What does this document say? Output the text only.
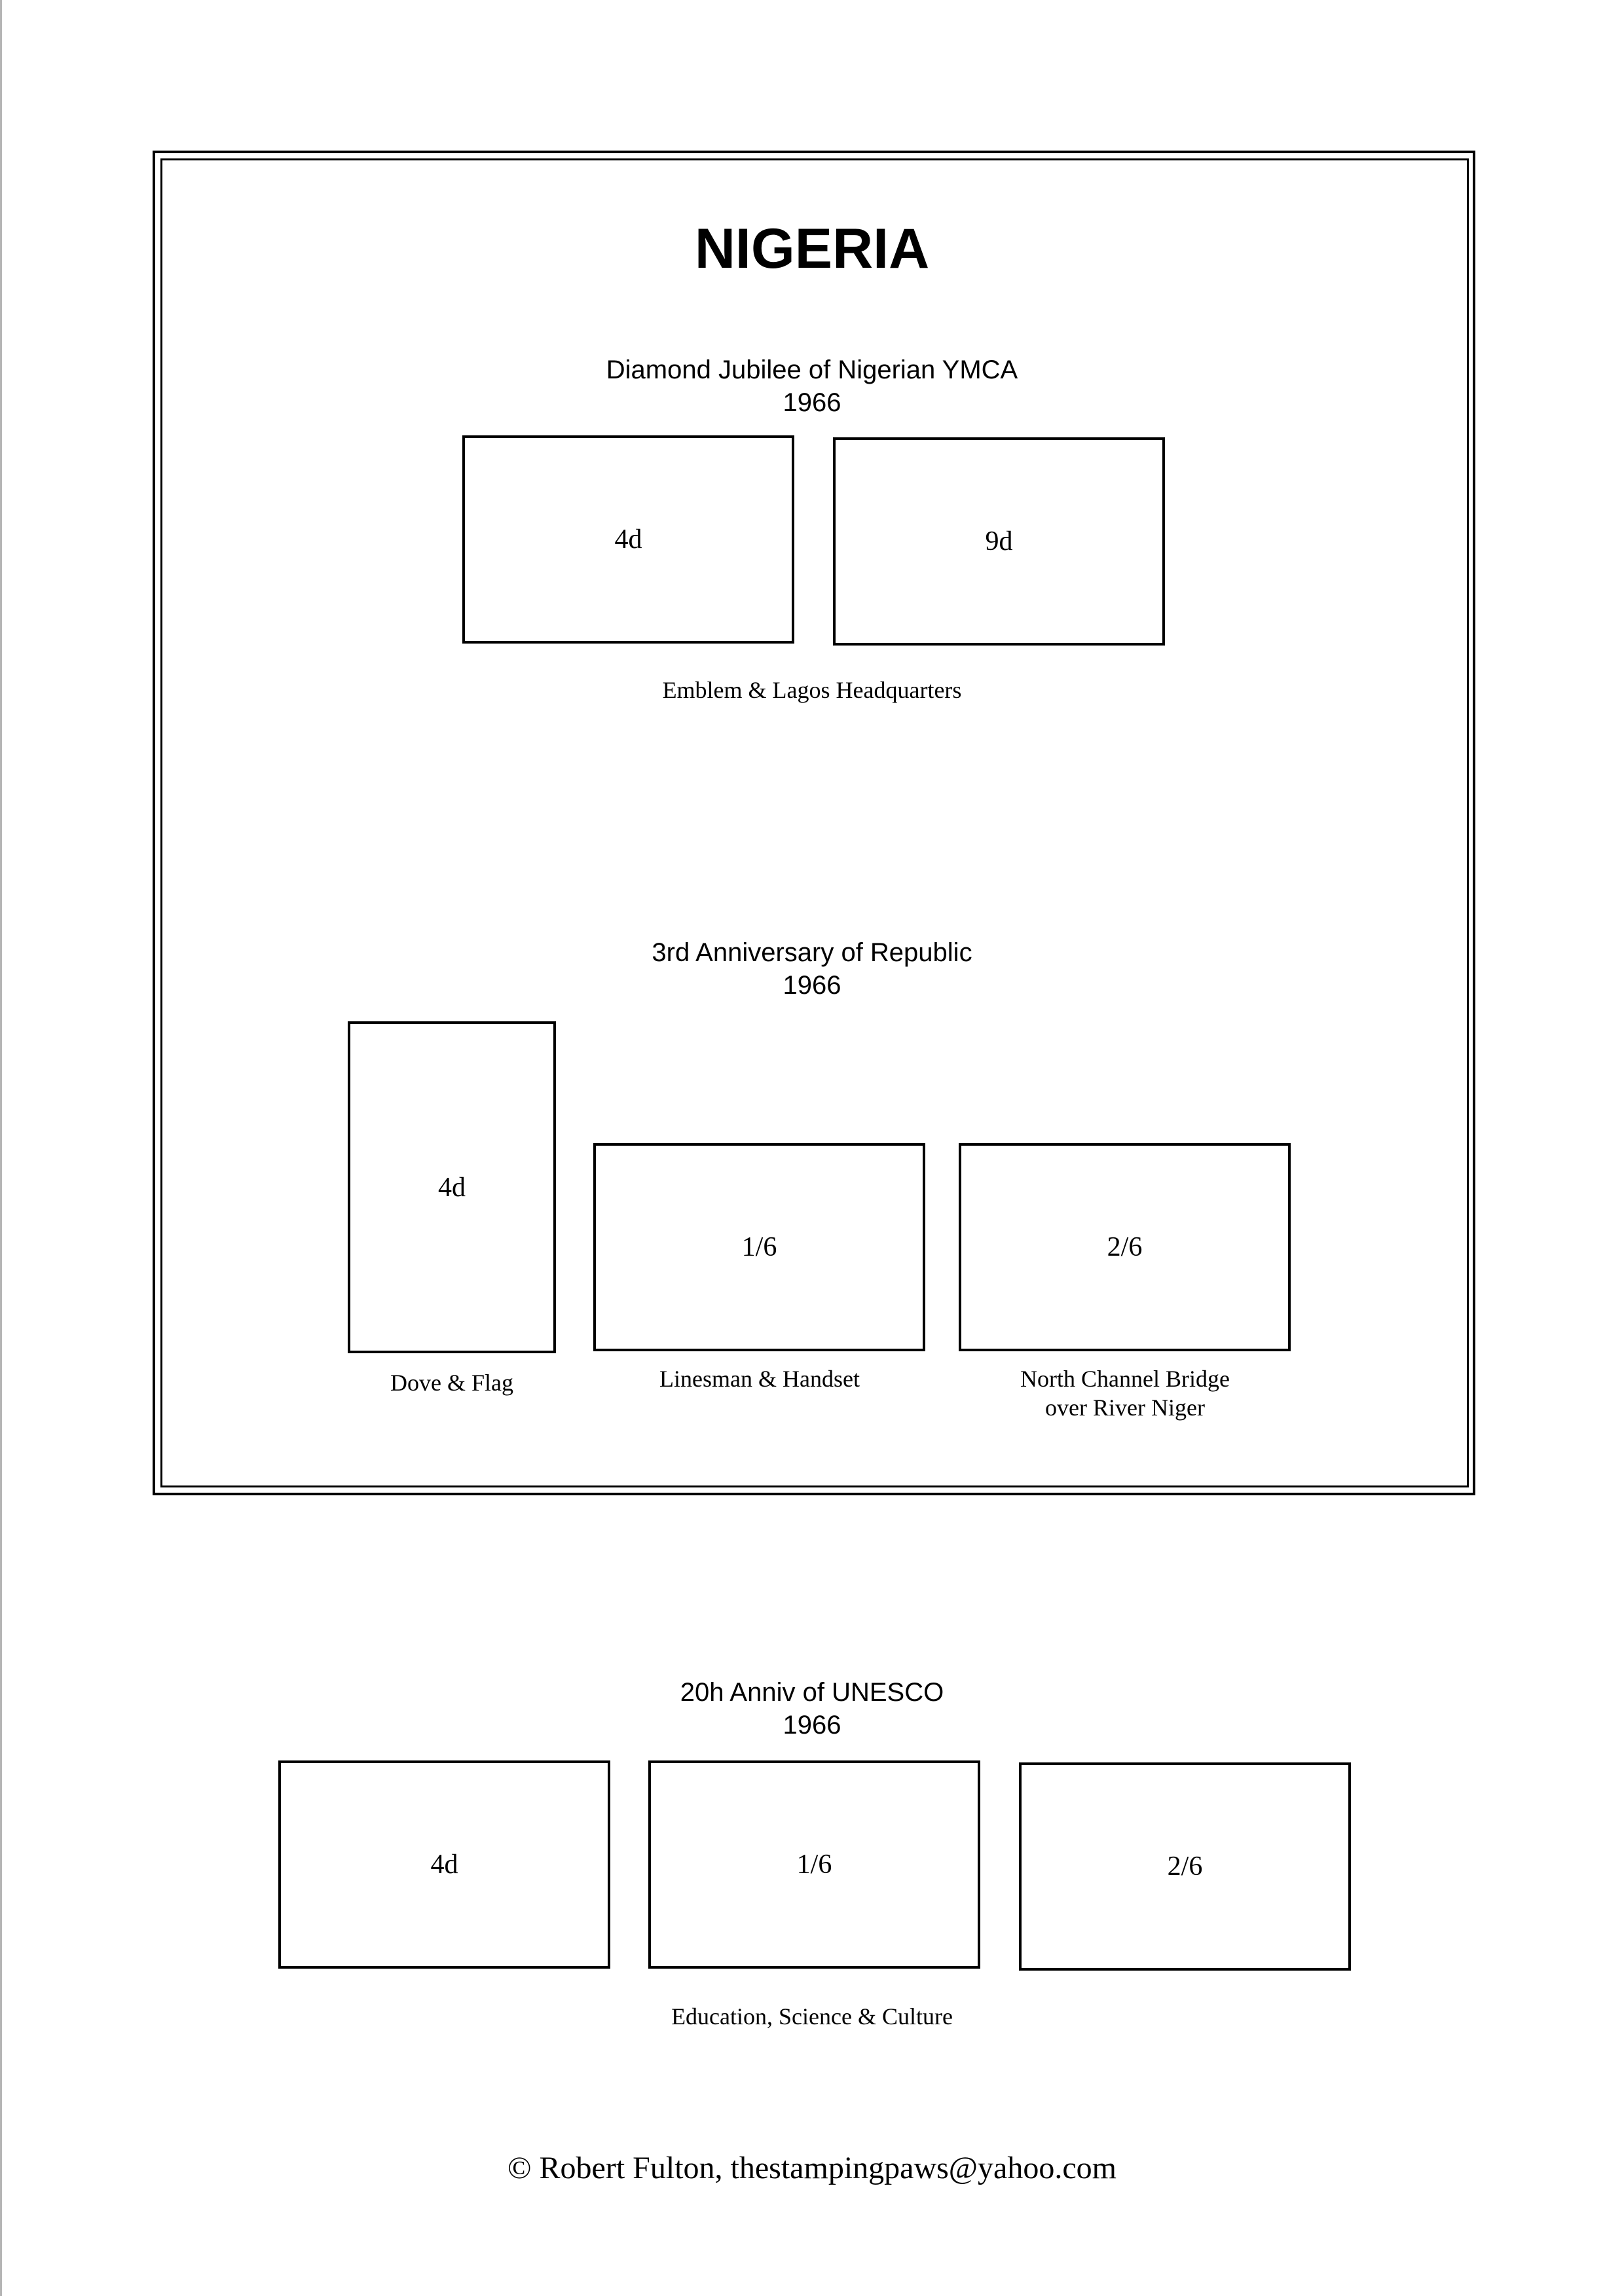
NIGERIA
Diamond Jubilee of Nigerian YMCA
1966
4d	9d
Emblem & Lagos Headquarters
3rd Anniversary of Republic
1966
4d
1/6	2/6
Dove & Flag	Linesman & Handset	North Channel Bridge
over River Niger
20h Anniv of UNESCO
1966
4d	1/6	2/6
Education, Science & Culture
© Robert Fulton, thestampingpaws@yahoo.com
